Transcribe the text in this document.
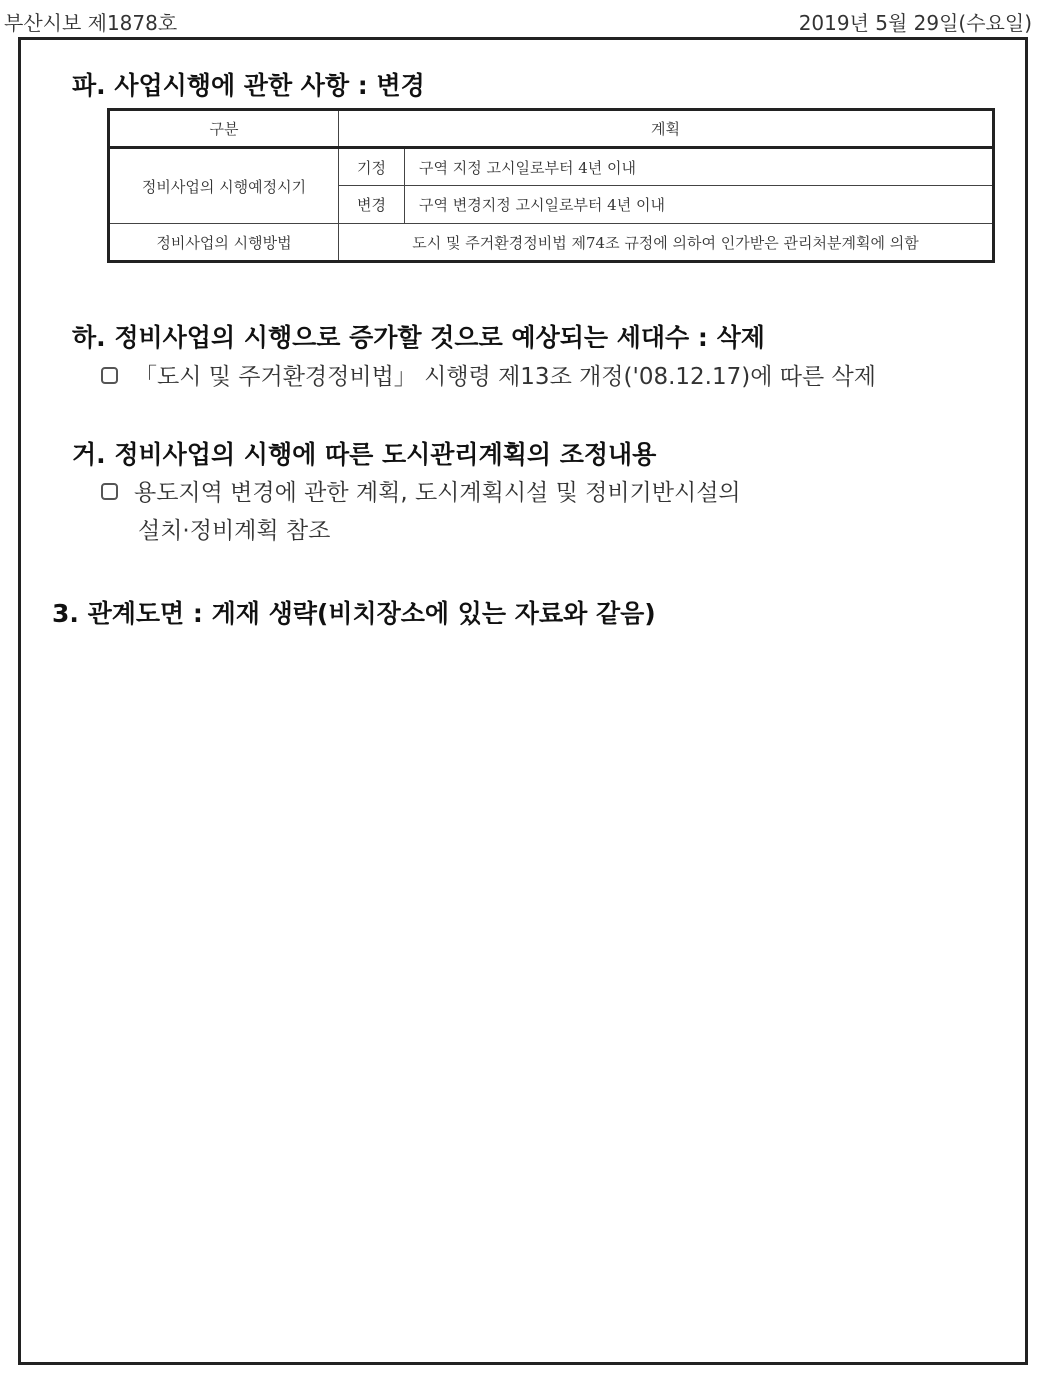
부산시보 제1878호	2019년 5월 29일(수요일)
파. 사업시행에 관한 사항 : 변경
구분	계획	
정비사업의 시행예정시기	기정	구역 지정 고시일로부터 4년 이내
	변경	구역 변경지정 고시일로부터 4년 이내
정비사업의 시행방법	도시 및 주거환경정비법 제74조 규정에 의하여 인가받은 관리처분계획에 의함	
하. 정비사업의 시행으로 증가할 것으로 예상되는 세대수 : 삭제
「도시 및 주거환경정비법」 시행령 제13조 개정('08.12.17)에 따른 삭제
거. 정비사업의 시행에 따른 도시관리계획의 조정내용
용도지역 변경에 관한 계획, 도시계획시설 및 정비기반시설의
설치·정비계획 참조
3. 관계도면 : 게재 생략(비치장소에 있는 자료와 같음)
